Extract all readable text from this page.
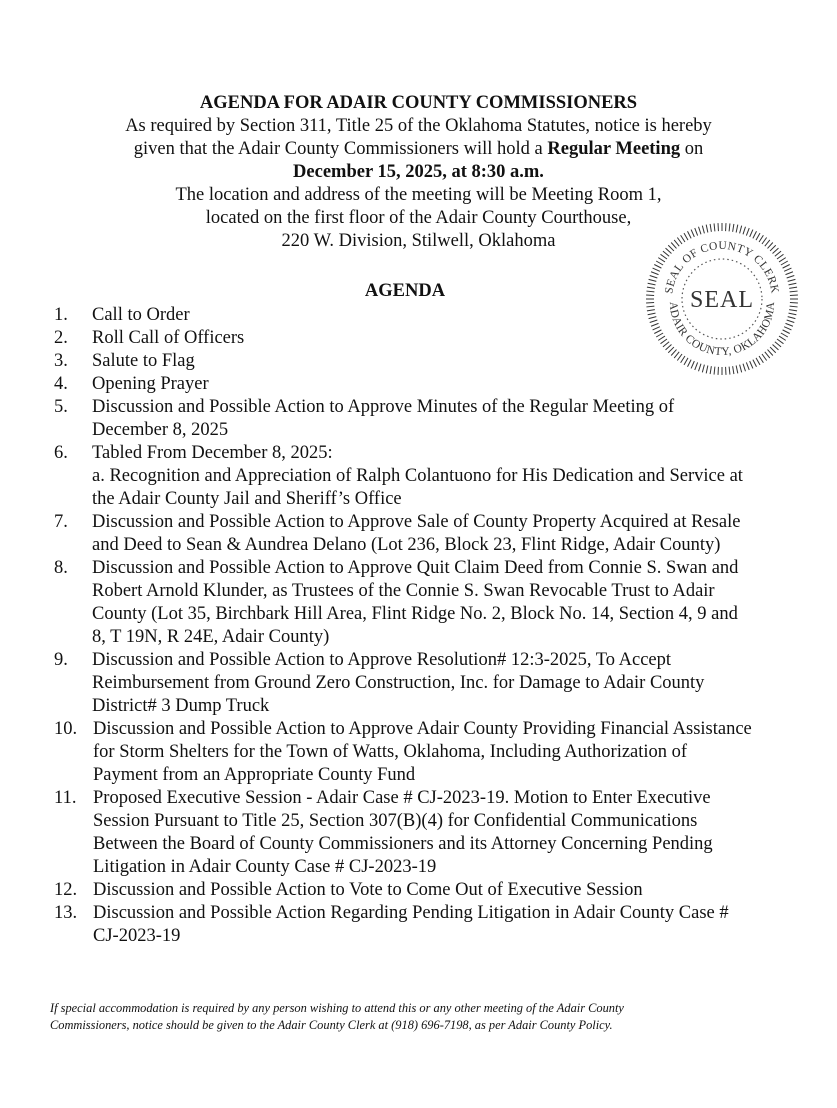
AGENDA FOR ADAIR COUNTY COMMISSIONERS
As required by Section 311, Title 25 of the Oklahoma Statutes, notice is hereby
given that the Adair County Commissioners will hold a Regular Meeting on
December 15, 2025, at 8:30 a.m.
The location and address of the meeting will be Meeting Room 1,
located on the first floor of the Adair County Courthouse,
220 W. Division, Stilwell, Oklahoma
SEAL OF COUNTY CLERK
ADAIR COUNTY, OKLAHOMA
SEAL
AGENDA
1.	Call to Order
2.	Roll Call of Officers
3.	Salute to Flag
4.	Opening Prayer
5.	Discussion and Possible Action to Approve Minutes of the Regular Meeting of December 8, 2025
6.	Tabled From December 8, 2025:
a. Recognition and Appreciation of Ralph Colantuono for His Dedication and Service at the Adair County Jail and Sheriff’s Office
7.	Discussion and Possible Action to Approve Sale of County Property Acquired at Resale and Deed to Sean & Aundrea Delano (Lot 236, Block 23, Flint Ridge, Adair County)
8.	Discussion and Possible Action to Approve Quit Claim Deed from Connie S. Swan and Robert Arnold Klunder, as Trustees of the Connie S. Swan Revocable Trust to Adair County (Lot 35, Birchbark Hill Area, Flint Ridge No. 2, Block No. 14, Section 4, 9 and 8, T 19N, R 24E, Adair County)
9.	Discussion and Possible Action to Approve Resolution# 12:3-2025, To Accept Reimbursement from Ground Zero Construction, Inc. for Damage to Adair County District# 3 Dump Truck
10. Discussion and Possible Action to Approve Adair County Providing Financial Assistance for Storm Shelters for the Town of Watts, Oklahoma, Including Authorization of Payment from an Appropriate County Fund
11. Proposed Executive Session - Adair Case # CJ-2023-19. Motion to Enter Executive Session Pursuant to Title 25, Section 307(B)(4) for Confidential Communications Between the Board of County Commissioners and its Attorney Concerning Pending Litigation in Adair County Case # CJ-2023-19
12. Discussion and Possible Action to Vote to Come Out of Executive Session
13. Discussion and Possible Action Regarding Pending Litigation in Adair County Case # CJ-2023-19
If special accommodation is required by any person wishing to attend this or any other meeting of the Adair County
Commissioners, notice should be given to the Adair County Clerk at (918) 696-7198, as per Adair County Policy.
